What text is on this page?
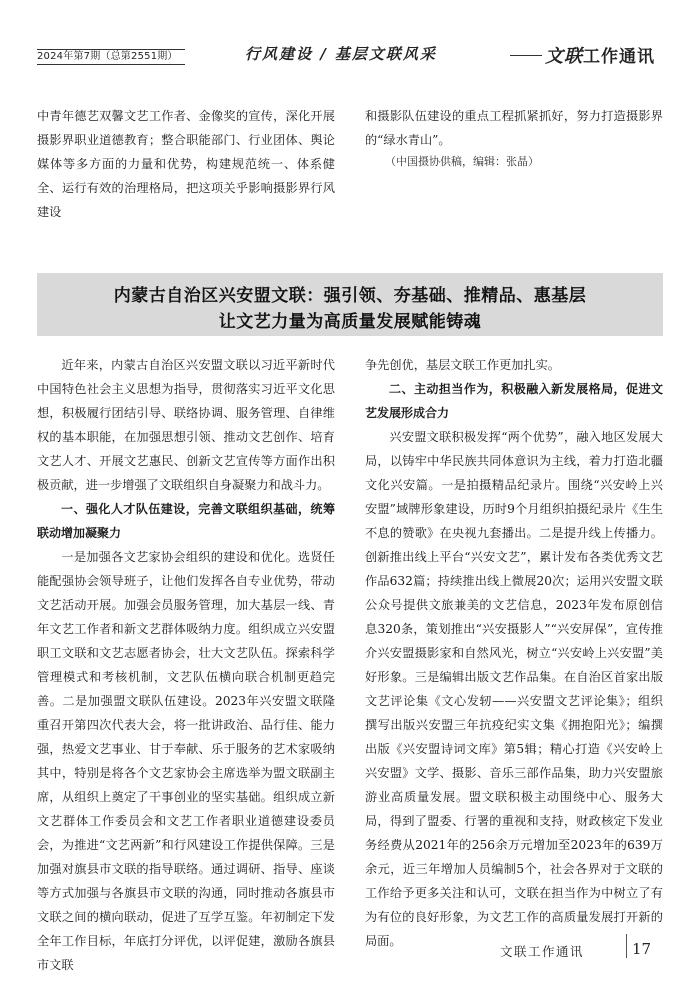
2024年第7期（总第2551期）	行风建设 / 基层文联风采	文联工作通讯

中青年德艺双馨文艺工作者、金像奖的宣传，深化开展摄影界职业道德教育；整合职能部门、行业团体、舆论媒体等多方面的力量和优势，构建规范统一、体系健全、运行有效的治理格局，把这项关乎影响摄影界行风建设

和摄影队伍建设的重点工程抓紧抓好，努力打造摄影界的“绿水青山”。

（中国摄协供稿，编辑：张晶）
内蒙古自治区兴安盟文联：强引领、夯基础、推精品、惠基层
让文艺力量为高质量发展赋能铸魂

近年来，内蒙古自治区兴安盟文联以习近平新时代中国特色社会主义思想为指导，贯彻落实习近平文化思想，积极履行团结引导、联络协调、服务管理、自律维权的基本职能，在加强思想引领、推动文艺创作、培育文艺人才、开展文艺惠民、创新文艺宣传等方面作出积极贡献，进一步增强了文联组织自身凝聚力和战斗力。

一、强化人才队伍建设，完善文联组织基础，统筹联动增加凝聚力

一是加强各文艺家协会组织的建设和优化。选贤任能配强协会领导班子，让他们发挥各自专业优势，带动文艺活动开展。加强会员服务管理，加大基层一线、青年文艺工作者和新文艺群体吸纳力度。组织成立兴安盟职工文联和文艺志愿者协会，壮大文艺队伍。探索科学管理模式和考核机制，文艺队伍横向联合机制更趋完善。二是加强盟文联队伍建设。2023年兴安盟文联隆重召开第四次代表大会，将一批讲政治、品行佳、能力强，热爱文艺事业、甘于奉献、乐于服务的艺术家吸纳其中，特别是将各个文艺家协会主席选举为盟文联副主席，从组织上奠定了干事创业的坚实基础。组织成立新文艺群体工作委员会和文艺工作者职业道德建设委员会，为推进“文艺两新”和行风建设工作提供保障。三是加强对旗县市文联的指导联络。通过调研、指导、座谈等方式加强与各旗县市文联的沟通，同时推动各旗县市文联之间的横向联动，促进了互学互鉴。年初制定下发全年工作目标，年底打分评优，以评促建，激励各旗县市文联

争先创优，基层文联工作更加扎实。

二、主动担当作为，积极融入新发展格局，促进文艺发展形成合力

兴安盟文联积极发挥“两个优势”，融入地区发展大局，以铸牢中华民族共同体意识为主线，着力打造北疆文化兴安篇。一是拍摄精品纪录片。围绕“兴安岭上兴安盟”域牌形象建设，历时9个月组织拍摄纪录片《生生不息的赞歌》在央视九套播出。二是提升线上传播力。创新推出线上平台“兴安文艺”，累计发布各类优秀文艺作品632篇；持续推出线上微展20次；运用兴安盟文联公众号提供文旅兼美的文艺信息，2023年发布原创信息320条，策划推出“兴安摄影人”“兴安屏保”，宣传推介兴安盟摄影家和自然风光，树立“兴安岭上兴安盟”美好形象。三是编辑出版文艺作品集。在自治区首家出版文艺评论集《文心发轫——兴安盟文艺评论集》；组织撰写出版兴安盟三年抗疫纪实文集《拥抱阳光》；编撰出版《兴安盟诗词文库》第5辑；精心打造《兴安岭上兴安盟》文学、摄影、音乐三部作品集，助力兴安盟旅游业高质量发展。盟文联积极主动围绕中心、服务大局，得到了盟委、行署的重视和支持，财政核定下发业务经费从2021年的256余万元增加至2023年的639万余元，近三年增加人员编制5个，社会各界对于文联的工作给予更多关注和认可，文联在担当作为中树立了有为有位的良好形象，为文艺工作的高质量发展打开新的局面。

文联工作通讯	17
